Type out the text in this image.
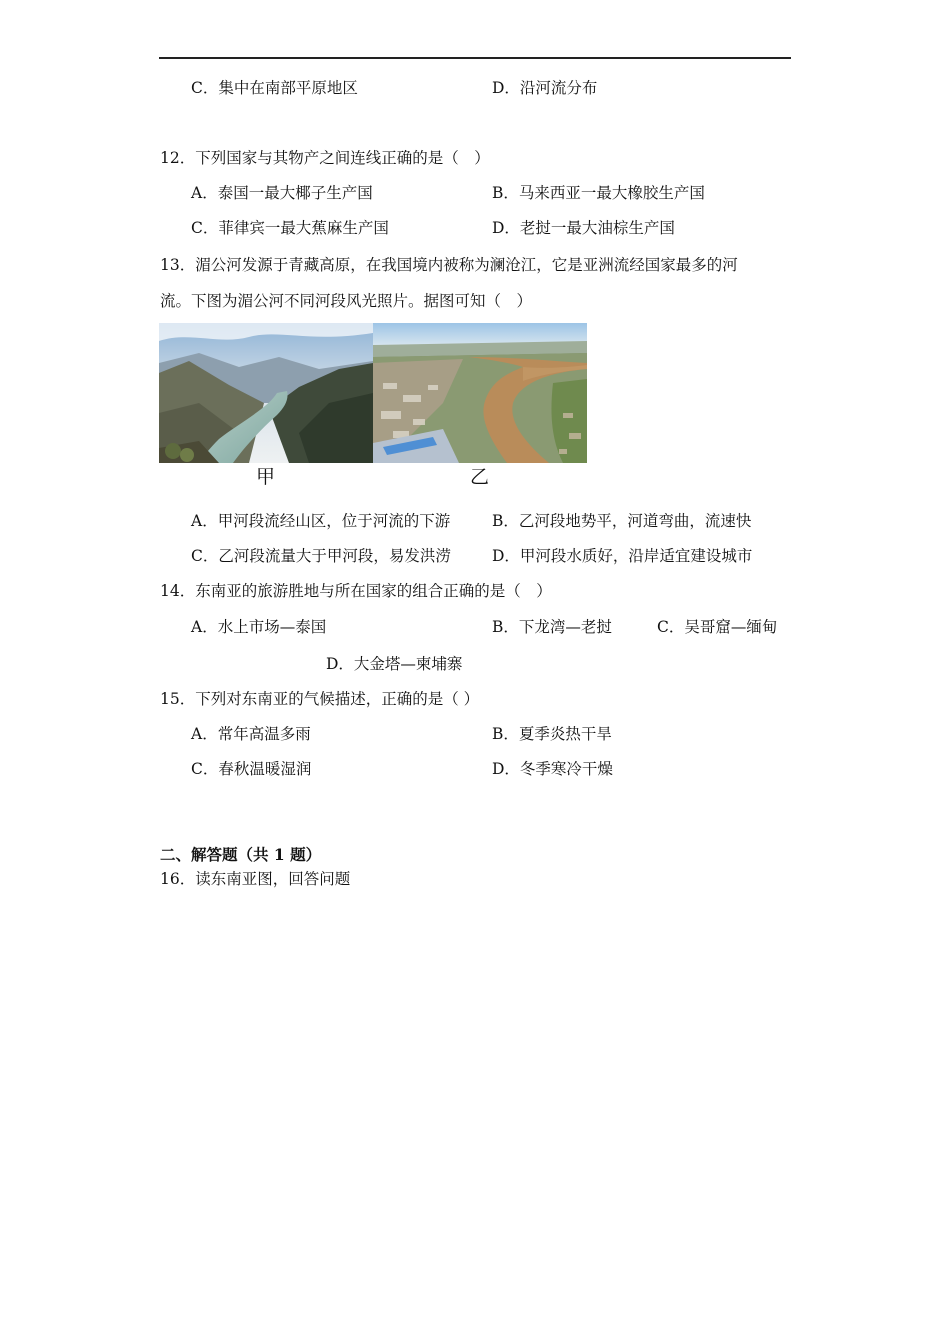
C．集中在南部平原地区	D．沿河流分布
12．下列国家与其物产之间连线正确的是（　）
A．泰国一最大椰子生产国	B．马来西亚一最大橡胶生产国
C．菲律宾一最大蕉麻生产国	D．老挝一最大油棕生产国
13．湄公河发源于青藏高原，在我国境内被称为澜沧江，它是亚洲流经国家最多的河
流。下图为湄公河不同河段风光照片。据图可知（　）
甲	乙
A．甲河段流经山区，位于河流的下游	B．乙河段地势平，河道弯曲，流速快
C．乙河段流量大于甲河段，易发洪涝	D．甲河段水质好，沿岸适宜建设城市
14．东南亚的旅游胜地与所在国家的组合正确的是（　）
A．水上市场—泰国	B．下龙湾—老挝	C．吴哥窟—缅甸
D．大金塔—柬埔寨
15．下列对东南亚的气候描述，正确的是（ ）
A．常年高温多雨	B．夏季炎热干旱
C．春秋温暖湿润	D．冬季寒冷干燥
二、解答题（共 1 题）
16．读东南亚图，回答问题
